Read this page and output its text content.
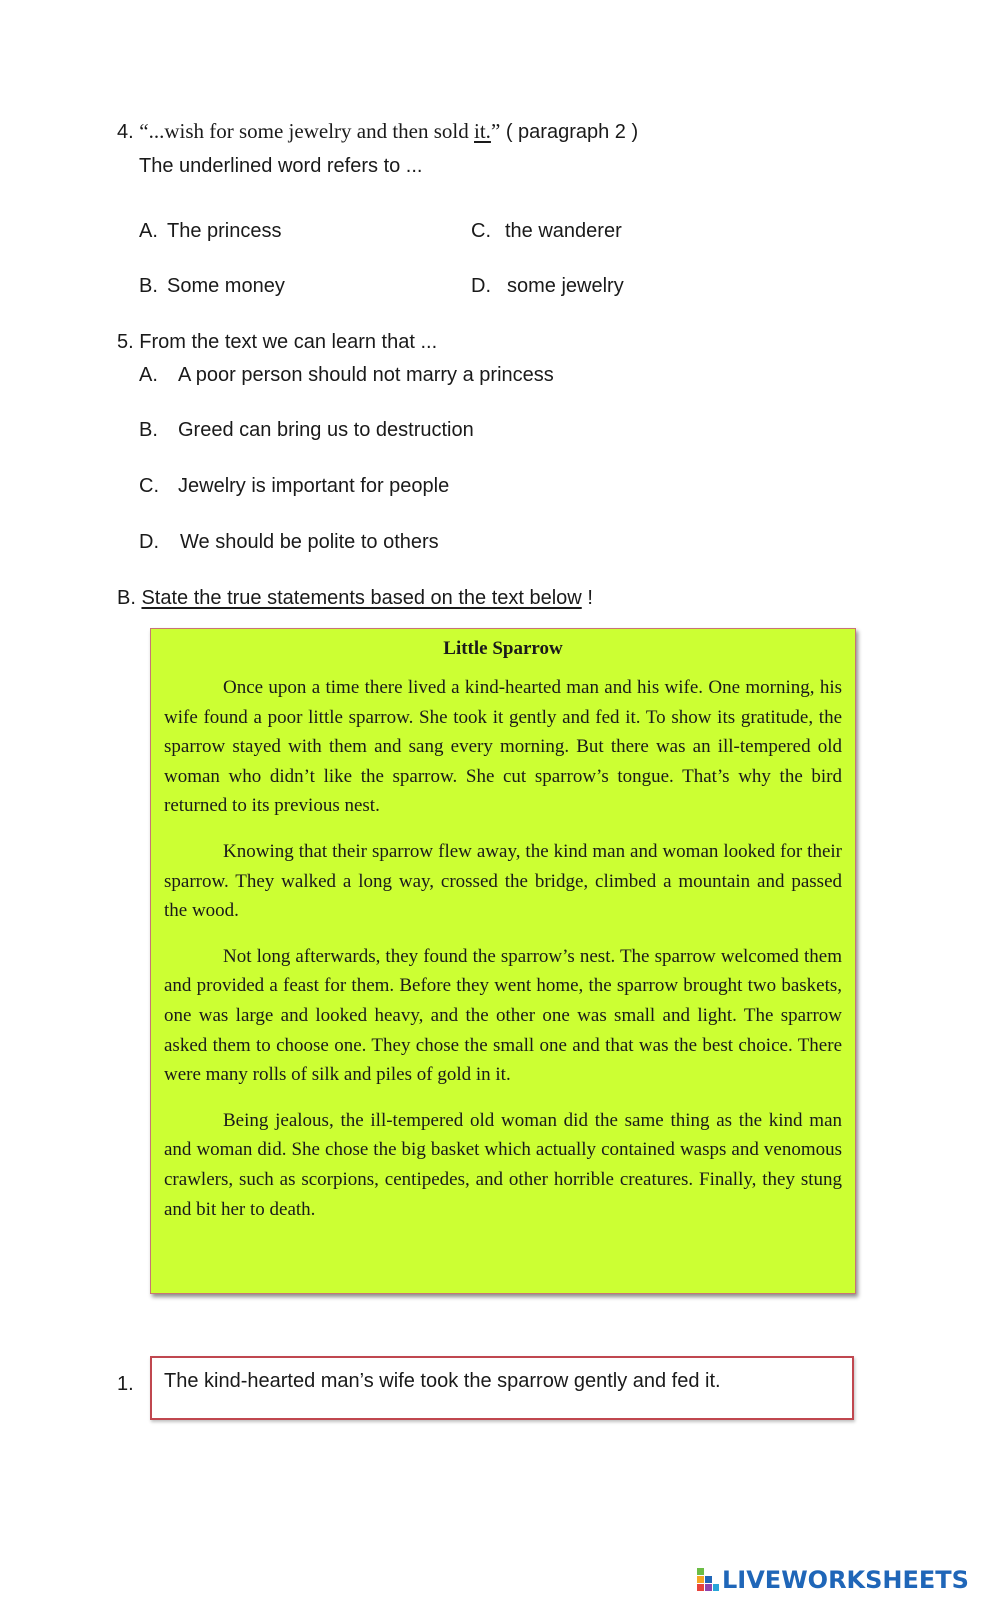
4. “...wish for some jewelry and then sold it.” ( paragraph 2 )
The underlined word refers to ...
A. The princess
B. Some money
C. the wanderer
D. some jewelry
5. From the text we can learn that ...
A. A poor person should not marry a princess
B. Greed can bring us to destruction
C. Jewelry is important for people
D. We should be polite to others
B. State the true statements based on the text below !
Little Sparrow

Once upon a time there lived a kind-hearted man and his wife. One morning, his wife found a poor little sparrow. She took it gently and fed it. To show its gratitude, the sparrow stayed with them and sang every morning. But there was an ill-tempered old woman who didn’t like the sparrow. She cut sparrow’s tongue. That’s why the bird returned to its previous nest.

Knowing that their sparrow flew away, the kind man and woman looked for their sparrow. They walked a long way, crossed the bridge, climbed a mountain and passed the wood.

Not long afterwards, they found the sparrow’s nest. The sparrow welcomed them and provided a feast for them. Before they went home, the sparrow brought two baskets, one was large and looked heavy, and the other one was small and light. The sparrow asked them to choose one. They chose the small one and that was the best choice. There were many rolls of silk and piles of gold in it.

Being jealous, the ill-tempered old woman did the same thing as the kind man and woman did. She chose the big basket which actually contained wasps and venomous crawlers, such as scorpions, centipedes, and other horrible creatures. Finally, they stung and bit her to death.

1.	The kind-hearted man’s wife took the sparrow gently and fed it.
LIVEWORKSHEETS
